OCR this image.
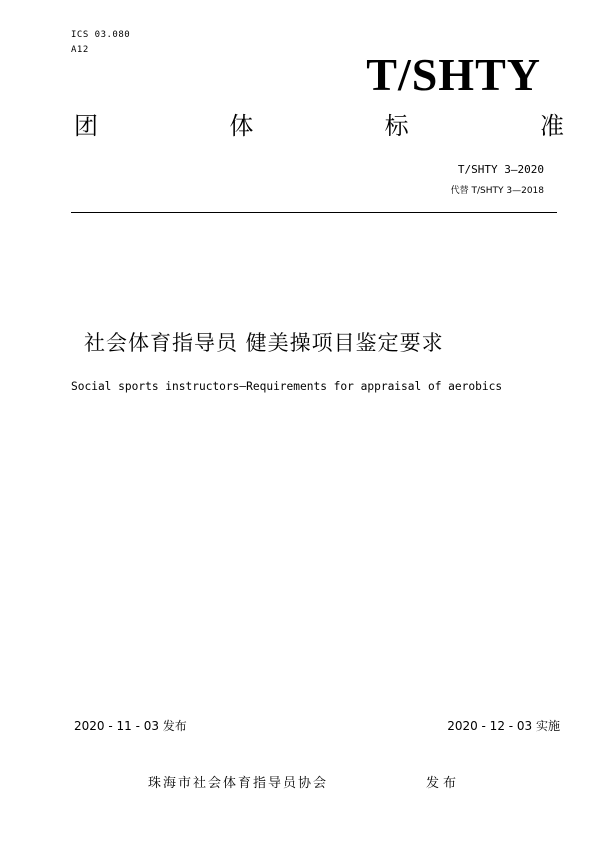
ICS 03.080
A12	T/SHTY
团	体	标	准
T/SHTY 3—2020
代替 T/SHTY 3—2018
社会体育指导员 健美操项目鉴定要求
Social sports instructors—Requirements for appraisal of aerobics
2020 - 11 - 03 发布	2020 - 12 - 03 实施
珠海市社会体育指导员协会	发布
